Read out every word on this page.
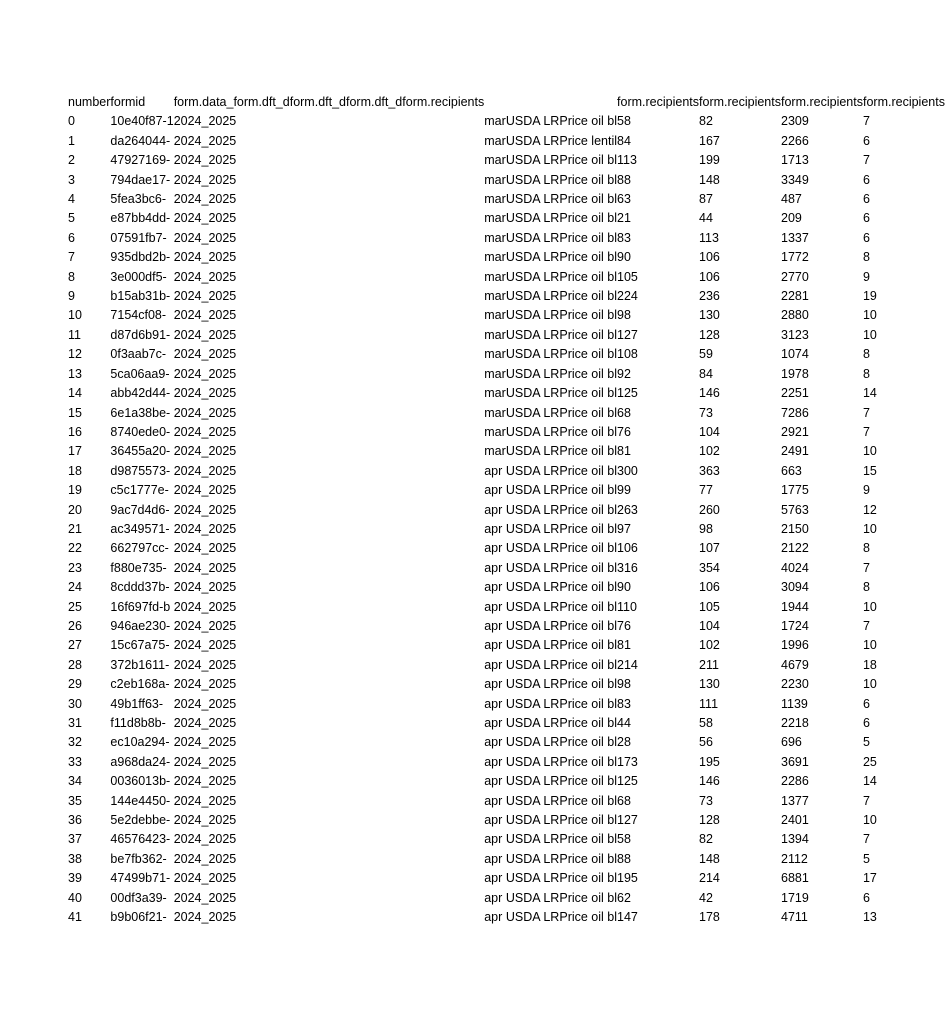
number	formid	form.data_form.dft_dform.dft_dform.dft_dform.recipients				form.recipients	form.recipients	form.recipients	form.recipients
0	10e40f87-1	2024_2025	mar	USDA LRP	rice oil bl	58	82	2309	7
1	da264044-	2024_2025	mar	USDA LRP	rice lentil	84	167	2266	6
2	47927169-	2024_2025	mar	USDA LRP	rice oil bl	113	199	1713	7
3	794dae17-	2024_2025	mar	USDA LRP	rice oil bl	88	148	3349	6
4	5fea3bc6-	2024_2025	mar	USDA LRP	rice oil bl	63	87	487	6
5	e87bb4dd-	2024_2025	mar	USDA LRP	rice oil bl	21	44	209	6
6	07591fb7-	2024_2025	mar	USDA LRP	rice oil bl	83	113	1337	6
7	935dbd2b-	2024_2025	mar	USDA LRP	rice oil bl	90	106	1772	8
8	3e000df5-	2024_2025	mar	USDA LRP	rice oil bl	105	106	2770	9
9	b15ab31b-	2024_2025	mar	USDA LRP	rice oil bl	224	236	2281	19
10	7154cf08-	2024_2025	mar	USDA LRP	rice oil bl	98	130	2880	10
11	d87d6b91-	2024_2025	mar	USDA LRP	rice oil bl	127	128	3123	10
12	0f3aab7c-	2024_2025	mar	USDA LRP	rice oil bl	108	59	1074	8
13	5ca06aa9-	2024_2025	mar	USDA LRP	rice oil bl	92	84	1978	8
14	abb42d44-	2024_2025	mar	USDA LRP	rice oil bl	125	146	2251	14
15	6e1a38be-	2024_2025	mar	USDA LRP	rice oil bl	68	73	7286	7
16	8740ede0-	2024_2025	mar	USDA LRP	rice oil bl	76	104	2921	7
17	36455a20-	2024_2025	mar	USDA LRP	rice oil bl	81	102	2491	10
18	d9875573-	2024_2025	apr	USDA LRP	rice oil bl	300	363	663	15
19	c5c1777e-	2024_2025	apr	USDA LRP	rice oil bl	99	77	1775	9
20	9ac7d4d6-	2024_2025	apr	USDA LRP	rice oil bl	263	260	5763	12
21	ac349571-	2024_2025	apr	USDA LRP	rice oil bl	97	98	2150	10
22	662797cc-	2024_2025	apr	USDA LRP	rice oil bl	106	107	2122	8
23	f880e735-	2024_2025	apr	USDA LRP	rice oil bl	316	354	4024	7
24	8cddd37b-	2024_2025	apr	USDA LRP	rice oil bl	90	106	3094	8
25	16f697fd-b	2024_2025	apr	USDA LRP	rice oil bl	110	105	1944	10
26	946ae230-	2024_2025	apr	USDA LRP	rice oil bl	76	104	1724	7
27	15c67a75-	2024_2025	apr	USDA LRP	rice oil bl	81	102	1996	10
28	372b1611-	2024_2025	apr	USDA LRP	rice oil bl	214	211	4679	18
29	c2eb168a-	2024_2025	apr	USDA LRP	rice oil bl	98	130	2230	10
30	49b1ff63-	2024_2025	apr	USDA LRP	rice oil bl	83	111	1139	6
31	f11d8b8b-	2024_2025	apr	USDA LRP	rice oil bl	44	58	2218	6
32	ec10a294-	2024_2025	apr	USDA LRP	rice oil bl	28	56	696	5
33	a968da24-	2024_2025	apr	USDA LRP	rice oil bl	173	195	3691	25
34	0036013b-	2024_2025	apr	USDA LRP	rice oil bl	125	146	2286	14
35	144e4450-	2024_2025	apr	USDA LRP	rice oil bl	68	73	1377	7
36	5e2debbe-	2024_2025	apr	USDA LRP	rice oil bl	127	128	2401	10
37	46576423-	2024_2025	apr	USDA LRP	rice oil bl	58	82	1394	7
38	be7fb362-	2024_2025	apr	USDA LRP	rice oil bl	88	148	2112	5
39	47499b71-	2024_2025	apr	USDA LRP	rice oil bl	195	214	6881	17
40	00df3a39-	2024_2025	apr	USDA LRP	rice oil bl	62	42	1719	6
41	b9b06f21-	2024_2025	apr	USDA LRP	rice oil bl	147	178	4711	13
